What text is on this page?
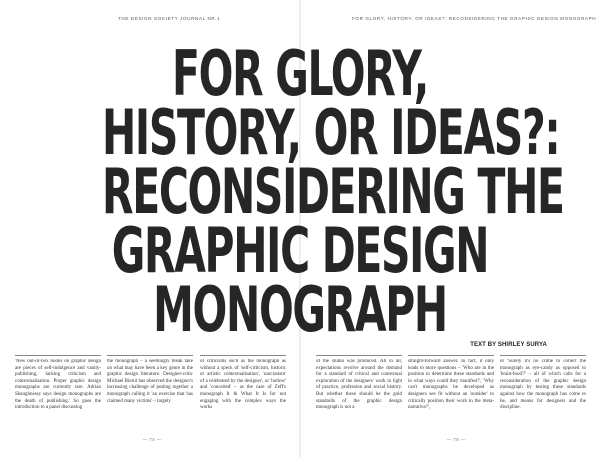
THE DESIGN SOCIETY JOURNAL NR.1	FOR GLORY, HISTORY, OR IDEAS?: RECONSIDERING THE GRAPHIC DESIGN MONOGRAPH
FOR GLORY,
HISTORY, OR IDEAS?:
RECONSIDERING THE
GRAPHIC DESIGN
MONOGRAPH	TEXT BY SHIRLEY SURYA
'New out-of-box books on graphic design are pieces of self-indulgence and vanity-publishing, lacking criticism and contextualisation. Proper graphic design monographs are currently rare. Adrian Shaughnessy says design monographs are the death of publishing.' So goes the introduction to a panel discussing
the monograph – a seemingly bleak take on what may have been a key genre in the graphic design literature. Designer-critic Michael Bierut has observed the designer's increasing challenge of putting together a monograph calling it 'an exercise that has claimed many victims' – largely
of criticisms such as the monograph as without a speck of 'self-criticism, historic or artistic contextualisation', 'narcissism' of a celebrated by the designer', or 'hollow' and 'conceited' – as the case of Zeff's monograph It & What It Is for not engaging with the complex ways the works
of the studio was produced. All in all, expectations revolve around the demand for a standard of critical and contextual exploration of the designers' work in light of practice, profession and social history. But whether these should be the gold standards of the graphic design monograph is not a
straight-forward answer. In fact, it only leads to more questions – 'Who are in the position to determine these standards and in what ways could they manifest?', 'Why can't monographs be developed as designers see fit without an 'outsider' to critically position their work in the meta-narrative?',
or 'Surely it's no crime to collect the monograph as eye-candy as opposed to 'brain-food'?' – all of which calls for a reconsideration of the graphic design monograph by testing these standards against how the monograph has come to be, and means for designers and the discipline.
— 74 —	— 75 —
